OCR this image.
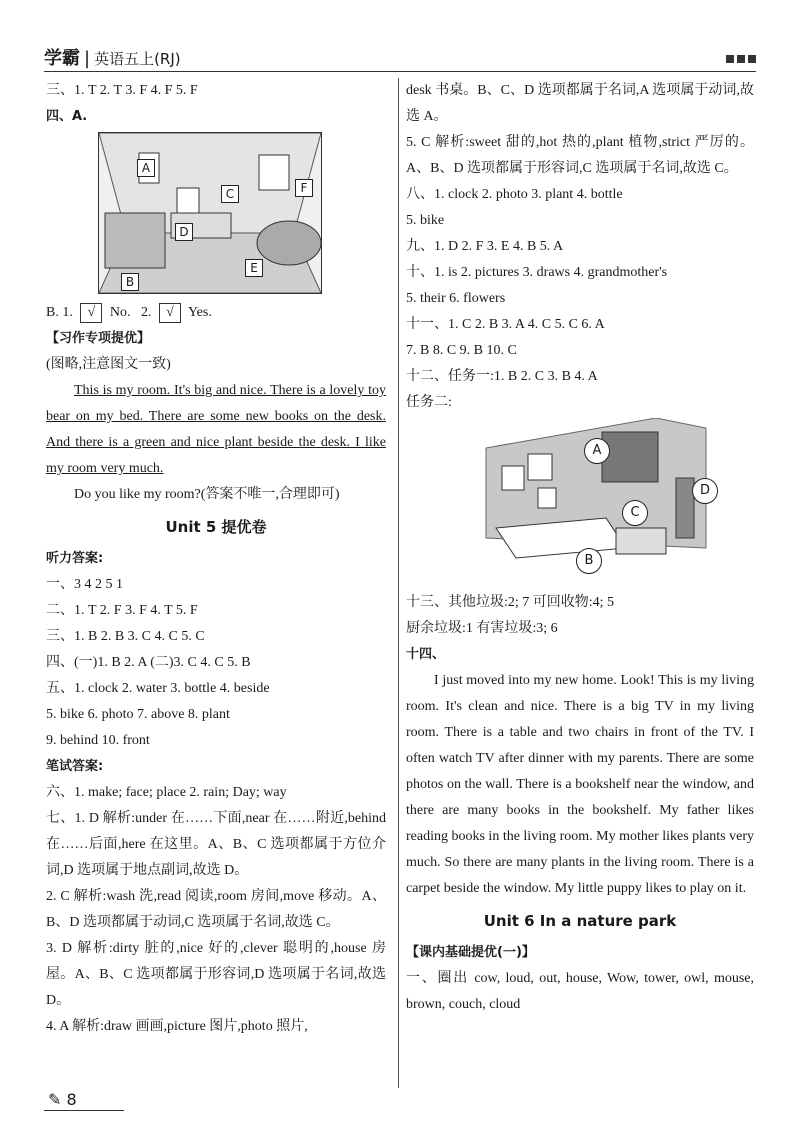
学霸 | 英语五上(RJ)

三、1. T 2. T 3. F 4. F 5. F

四、A.

A
B
C
D
E
F

B. 1. √ No. 2. √ Yes.

【习作专项提优】

(图略,注意图文一致)

This is my room. It's big and nice. There is a lovely toy bear on my bed. There are some new books on the desk. And there is a green and nice plant beside the desk. I like my room very much.

Do you like my room?(答案不唯一,合理即可)

Unit 5 提优卷

听力答案:

一、3 4 2 5 1

二、1. T 2. F 3. F 4. T 5. F

三、1. B 2. B 3. C 4. C 5. C

四、(一)1. B 2. A (二)3. C 4. C 5. B

五、1. clock 2. water 3. bottle 4. beside

5. bike 6. photo 7. above 8. plant

9. behind 10. front

笔试答案:

六、1. make; face; place 2. rain; Day; way

七、1. D 解析:under 在……下面,near 在……附近,behind 在……后面,here 在这里。A、B、C 选项都属于方位介词,D 选项属于地点副词,故选 D。

2. C 解析:wash 洗,read 阅读,room 房间,move 移动。A、B、D 选项都属于动词,C 选项属于名词,故选 C。

3. D 解析:dirty 脏的,nice 好的,clever 聪明的,house 房屋。A、B、C 选项都属于形容词,D 选项属于名词,故选 D。

4. A 解析:draw 画画,picture 图片,photo 照片,

desk 书桌。B、C、D 选项都属于名词,A 选项属于动词,故选 A。

5. C 解析:sweet 甜的,hot 热的,plant 植物,strict 严厉的。A、B、D 选项都属于形容词,C 选项属于名词,故选 C。

八、1. clock 2. photo 3. plant 4. bottle

5. bike

九、1. D 2. F 3. E 4. B 5. A

十、1. is 2. pictures 3. draws 4. grandmother's

5. their 6. flowers

十一、1. C 2. B 3. A 4. C 5. C 6. A

7. B 8. C 9. B 10. C

十二、任务一:1. B 2. C 3. B 4. A

任务二:

A
B
C
D

十三、其他垃圾:2; 7 可回收物:4; 5

厨余垃圾:1 有害垃圾:3; 6

十四、

I just moved into my new home. Look! This is my living room. It's clean and nice. There is a big TV in my living room. There is a table and two chairs in front of the TV. I often watch TV after dinner with my parents. There are some photos on the wall. There is a bookshelf near the window, and there are many books in the bookshelf. My father likes reading books in the living room. My mother likes plants very much. So there are many plants in the living room. There is a carpet beside the window. My little puppy likes to play on it.

Unit 6 In a nature park

【课内基础提优(一)】

一、圈出 cow, loud, out, house, Wow, tower, owl, mouse, brown, couch, cloud

✎ 8
